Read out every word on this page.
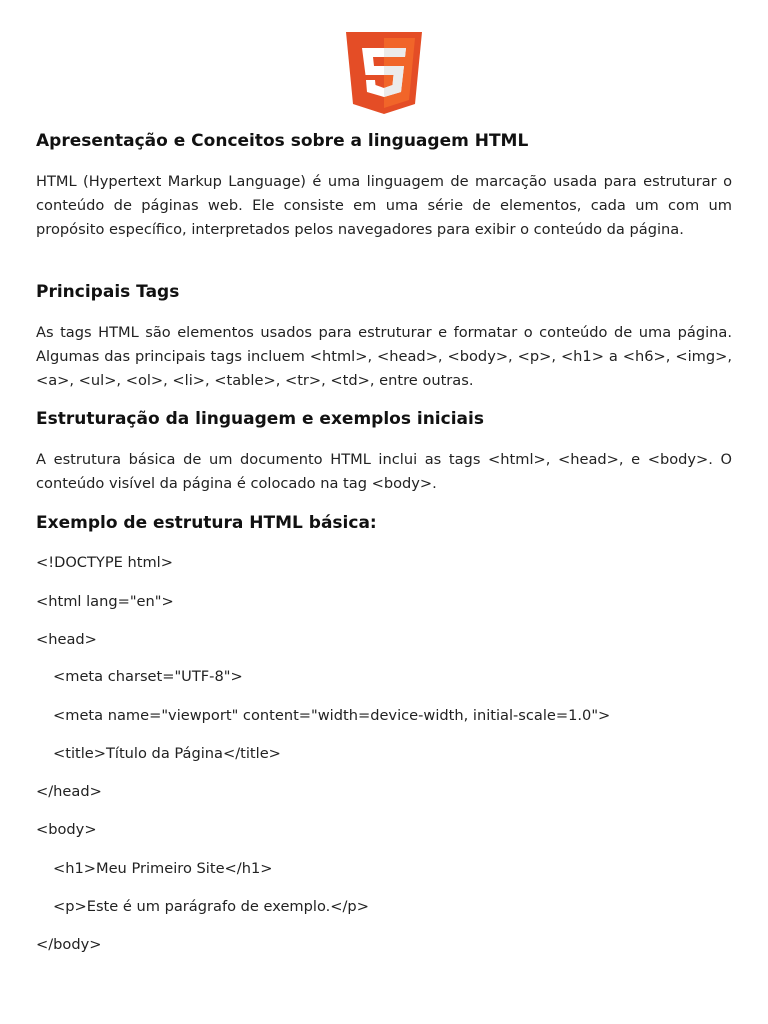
Apresentação e Conceitos sobre a linguagem HTML
HTML (Hypertext Markup Language) é uma linguagem de marcação usada para estruturar o conteúdo de páginas web. Ele consiste em uma série de elementos, cada um com um propósito específico, interpretados pelos navegadores para exibir o conteúdo da página.
Principais Tags
As tags HTML são elementos usados para estruturar e formatar o conteúdo de uma página. Algumas das principais tags incluem <html>, <head>, <body>, <p>, <h1> a <h6>, <img>, <a>, <ul>, <ol>, <li>, <table>, <tr>, <td>, entre outras.
Estruturação da linguagem e exemplos iniciais
A estrutura básica de um documento HTML inclui as tags <html>, <head>, e <body>. O conteúdo visível da página é colocado na tag <body>.
Exemplo de estrutura HTML básica:
<!DOCTYPE html>
<html lang="en">
<head>
<meta charset="UTF-8">
<meta name="viewport" content="width=device-width, initial-scale=1.0">
<title>Título da Página</title>
</head>
<body>
<h1>Meu Primeiro Site</h1>
<p>Este é um parágrafo de exemplo.</p>
</body>
